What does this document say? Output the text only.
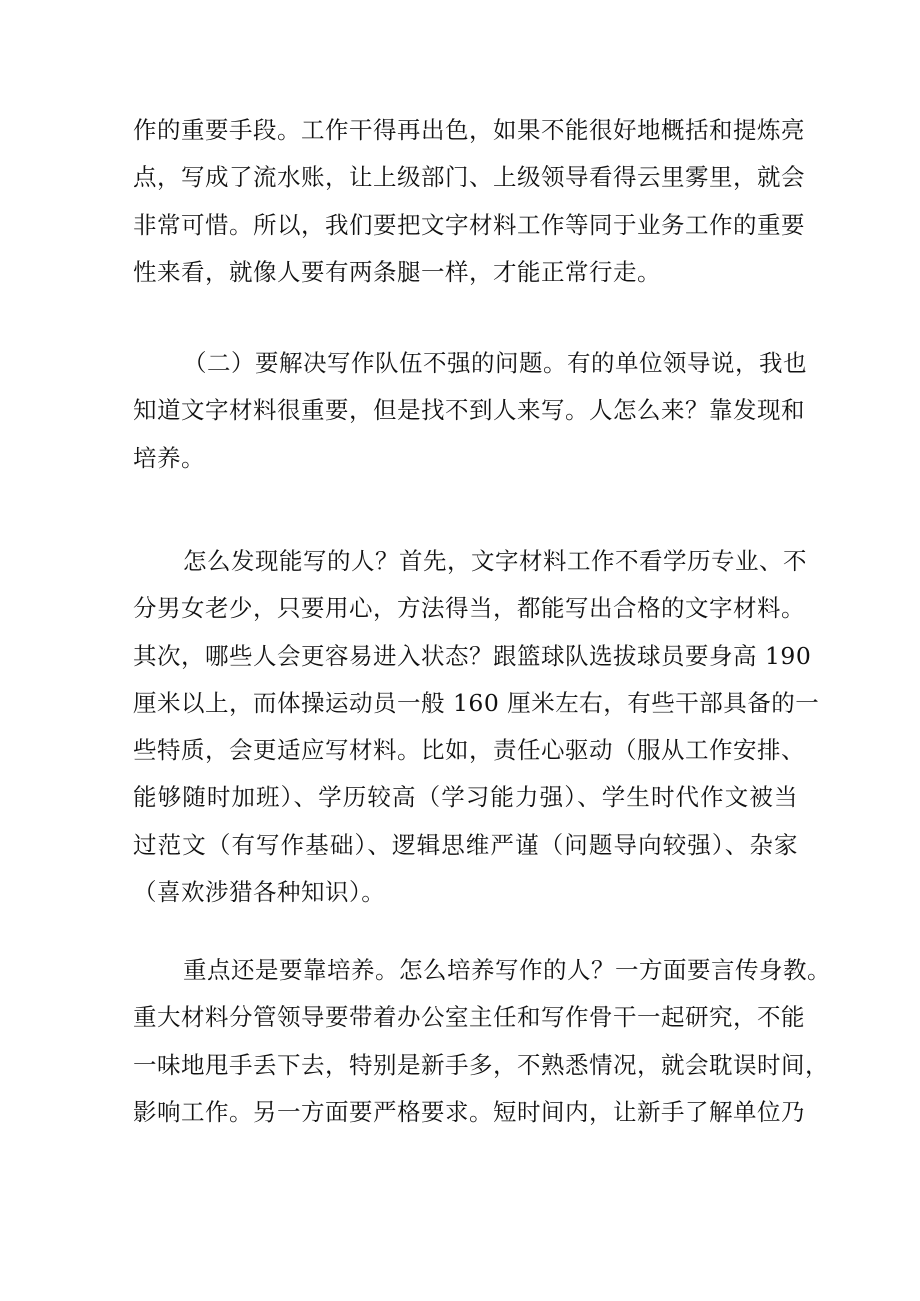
作的重要手段。工作干得再出色，如果不能很好地概括和提炼亮
点，写成了流水账，让上级部门、上级领导看得云里雾里，就会
非常可惜。所以，我们要把文字材料工作等同于业务工作的重要
性来看，就像人要有两条腿一样，才能正常行走。
（二）要解决写作队伍不强的问题。有的单位领导说，我也
知道文字材料很重要，但是找不到人来写。人怎么来？靠发现和
培养。
怎么发现能写的人？首先，文字材料工作不看学历专业、不
分男女老少，只要用心，方法得当，都能写出合格的文字材料。
其次，哪些人会更容易进入状态？跟篮球队选拔球员要身高 190
厘米以上，而体操运动员一般 160 厘米左右，有些干部具备的一
些特质，会更适应写材料。比如，责任心驱动（服从工作安排、
能够随时加班）、学历较高（学习能力强）、学生时代作文被当
过范文（有写作基础）、逻辑思维严谨（问题导向较强）、杂家
（喜欢涉猎各种知识）。
重点还是要靠培养。怎么培养写作的人？一方面要言传身教。
重大材料分管领导要带着办公室主任和写作骨干一起研究，不能
一味地甩手丢下去，特别是新手多，不熟悉情况，就会耽误时间，
影响工作。另一方面要严格要求。短时间内，让新手了解单位乃
